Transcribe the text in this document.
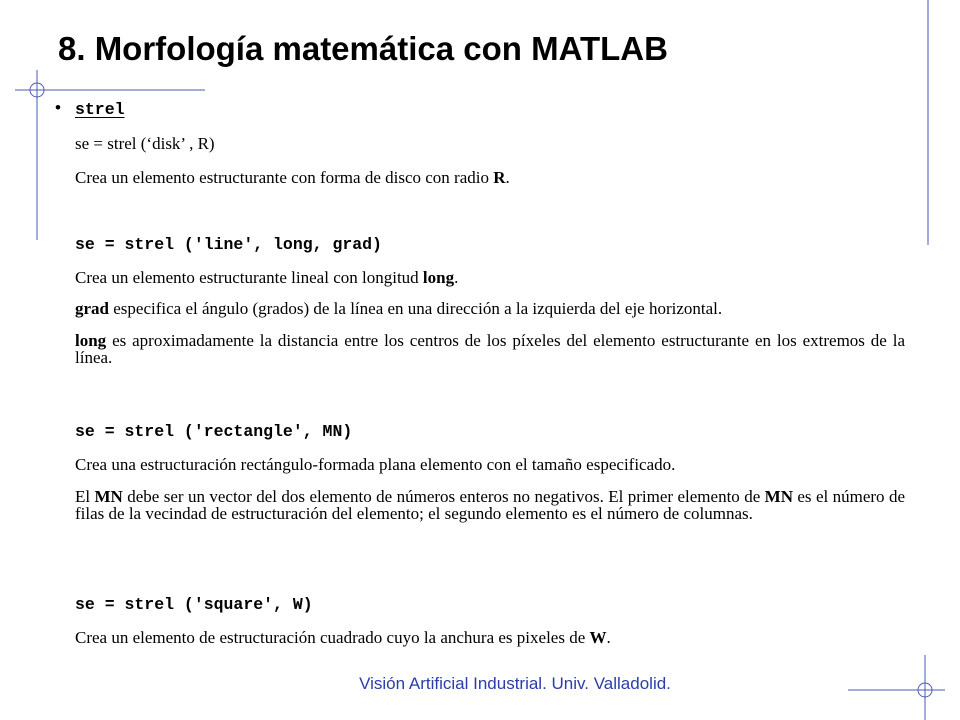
8. Morfología matemática con MATLAB
• strel
se = strel (‘disk’ , R)
Crea un elemento estructurante con forma de disco con radio R.
se = strel ('line', long, grad)
Crea un elemento estructurante lineal con longitud long.
grad especifica el ángulo (grados) de la línea en una dirección a la izquierda del eje horizontal.
long es aproximadamente la distancia entre los centros de los píxeles del elemento estructurante en los extremos de la línea.
se = strel ('rectangle', MN)
Crea una estructuración rectángulo-formada plana elemento con el tamaño especificado.
El MN debe ser un vector del dos elemento de números enteros no negativos. El primer elemento de MN es el número de filas de la vecindad de estructuración del elemento; el segundo elemento es el número de columnas.
se = strel ('square', W)
Crea un elemento de estructuración cuadrado cuyo la anchura es pixeles de W.
Visión Artificial Industrial. Univ. Valladolid.
